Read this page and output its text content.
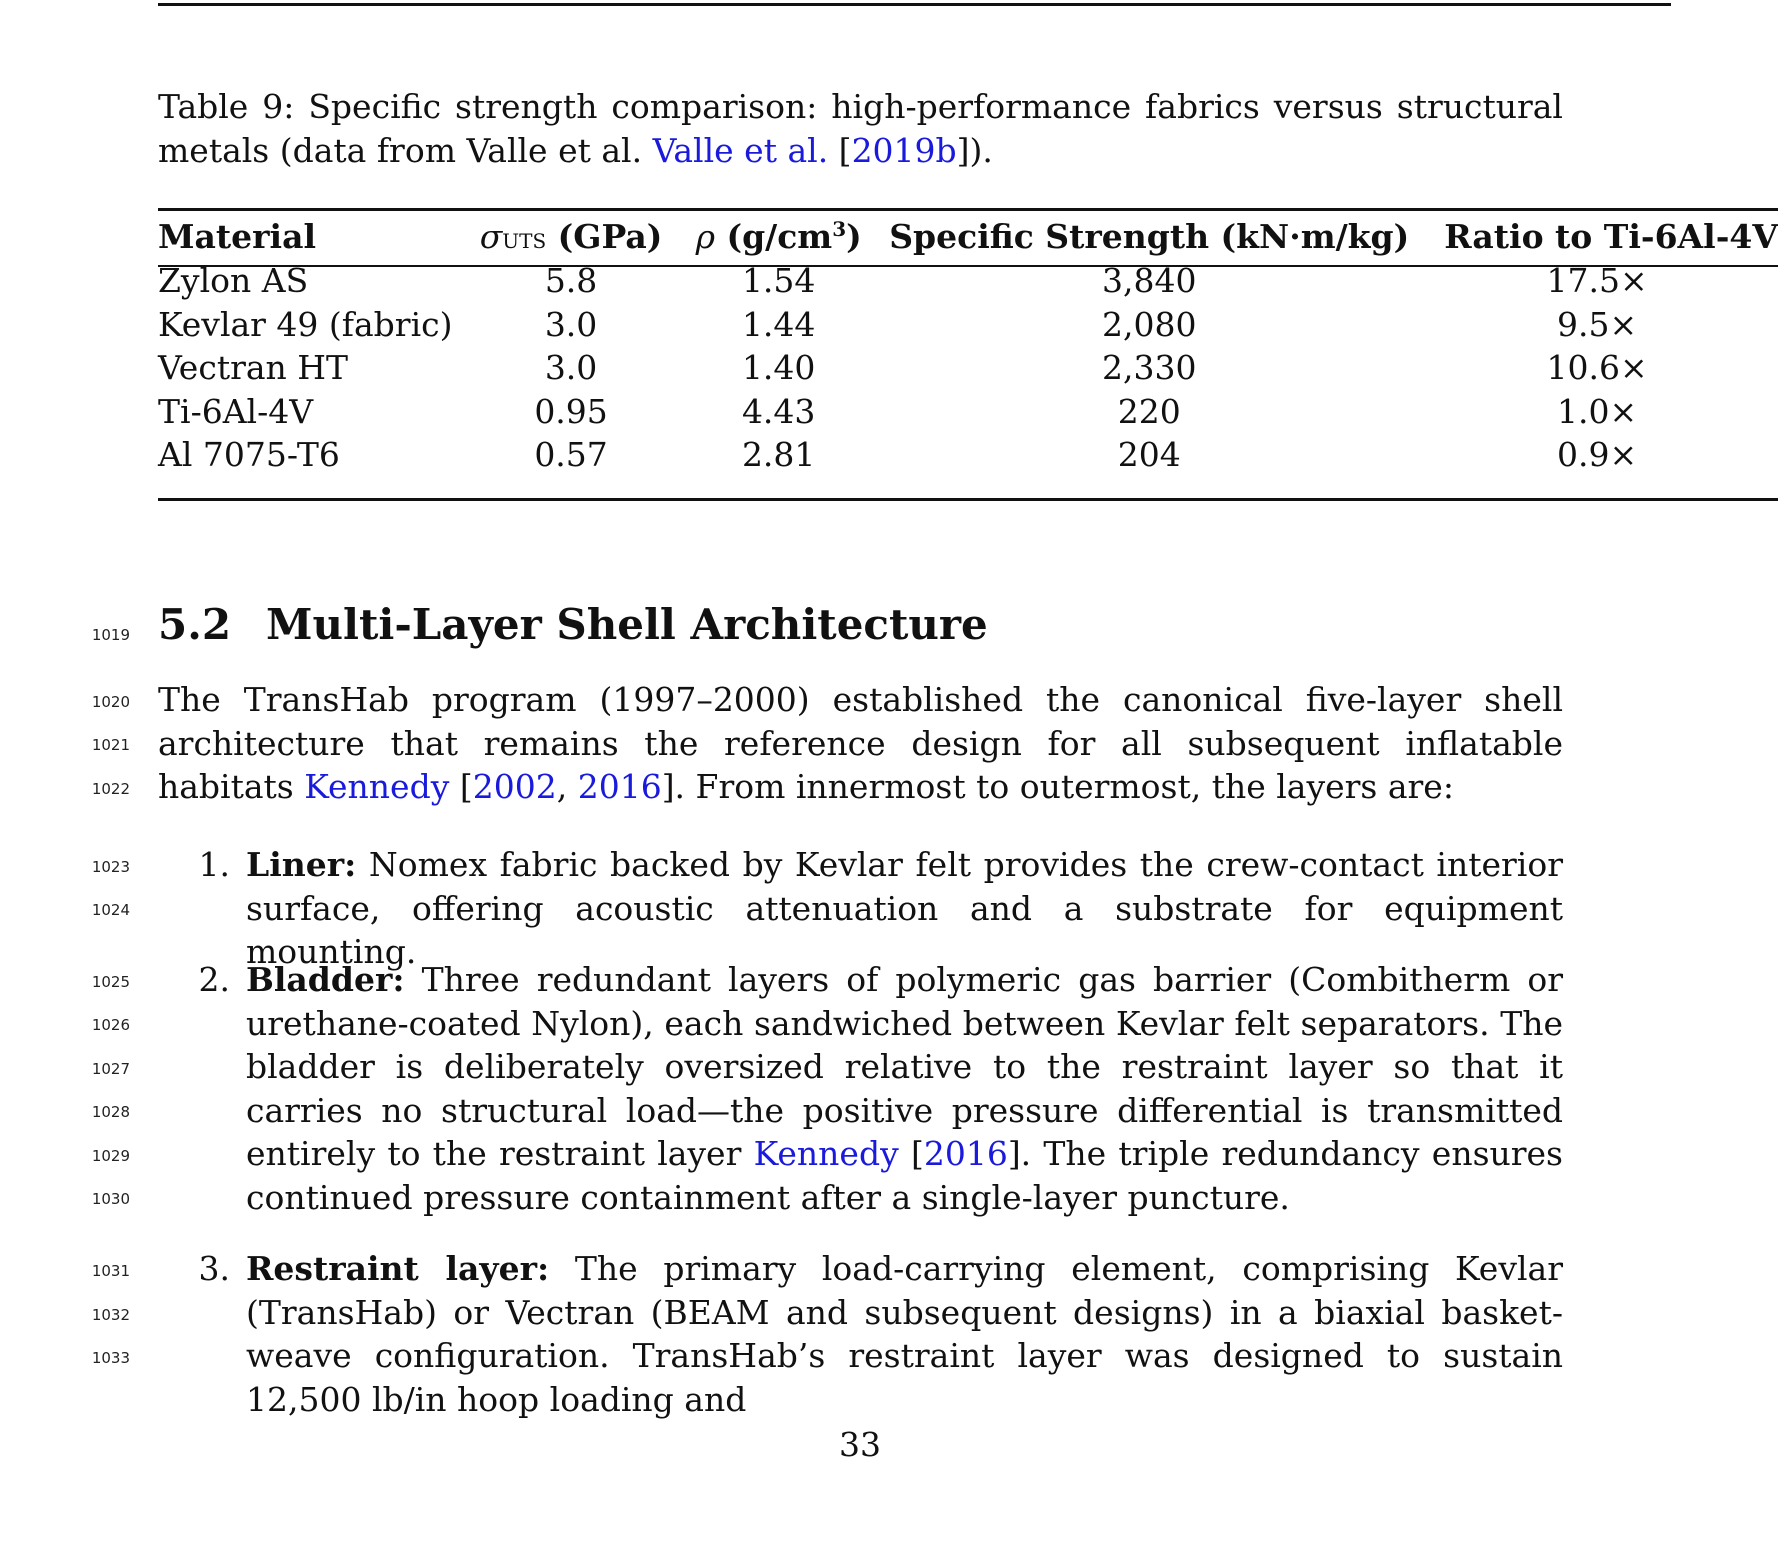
Table 9: Specific strength comparison: high-performance fabrics versus structural metals (data from Valle et al. Valle et al. [2019b]).
Material	σUTS (GPa)	ρ $(g/cm^3)$	Specific Strength (kN·m/kg)	Ratio to Ti-6Al-4V
Zylon AS	5.8	1.54	3,840	17.5×
Kevlar 49 (fabric)	3.0	1.44	2,080	9.5×
Vectran HT	3.0	1.40	2,330	10.6×
Ti-6Al-4V	0.95	4.43	220	1.0×
Al 7075-T6	0.57	2.81	204	0.9×
1019
1020
1021
1022
1023
1024
1025
1026
1027
1028
1029
1030
1031
1032
1033
5.2 Multi-Layer Shell Architecture
The TransHab program (1997–2000) established the canonical five-layer shell architecture that remains the reference design for all subsequent inflatable habitats Kennedy [2002, 2016]. From innermost to outermost, the layers are:
1. Liner: Nomex fabric backed by Kevlar felt provides the crew-contact interior surface, offering acoustic attenuation and a substrate for equipment mounting.
2. Bladder: Three redundant layers of polymeric gas barrier (Combitherm or urethane-coated Nylon), each sandwiched between Kevlar felt separators. The bladder is deliberately oversized relative to the restraint layer so that it carries no structural load—the positive pressure differential is transmitted entirely to the restraint layer Kennedy [2016]. The triple redundancy ensures continued pressure containment after a single-layer puncture.
3. Restraint layer: The primary load-carrying element, comprising Kevlar (TransHab) or Vectran (BEAM and subsequent designs) in a biaxial basket-weave configuration. TransHab’s restraint layer was designed to sustain 12,500 lb/in hoop loading and
33
